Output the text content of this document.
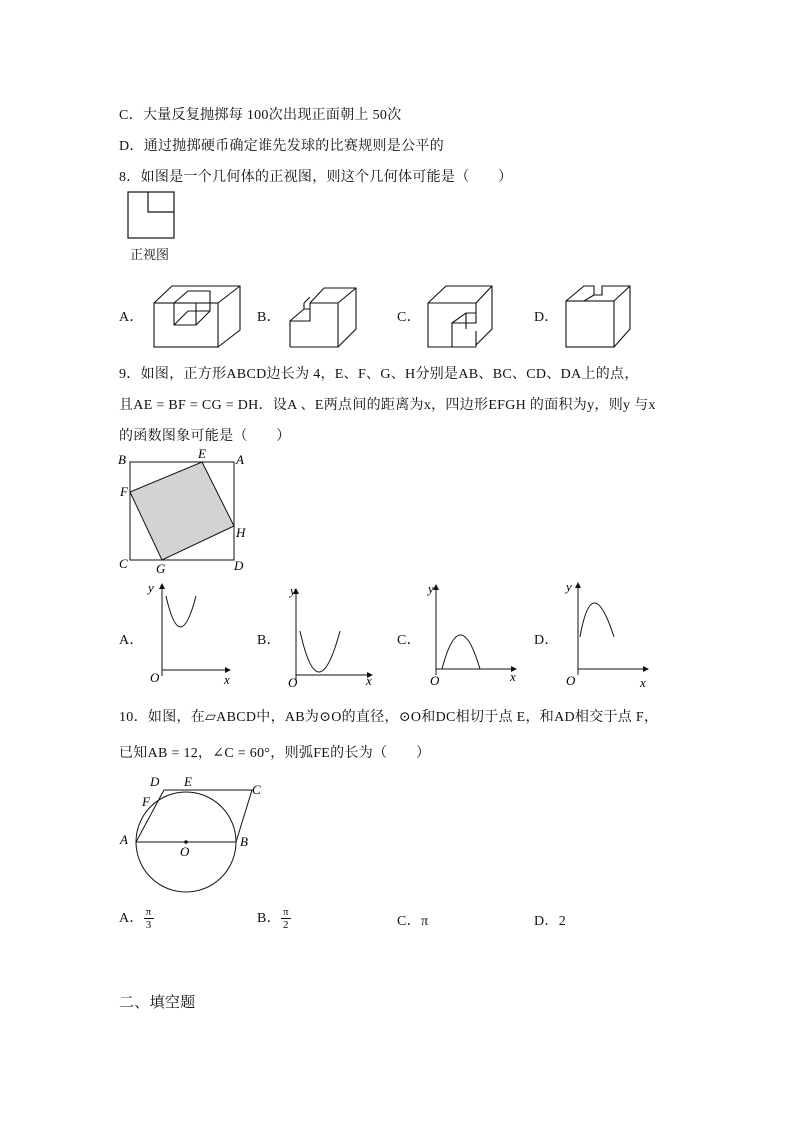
C．大量反复抛掷每 100次出现正面朝上 50次
D．通过抛掷硬币确定谁先发球的比赛规则是公平的
8．如图是一个几何体的正视图，则这个几何体可能是（　　）
正视图
A．	B．	C．	D．
9．如图，正方形ABCD边长为 4，E、F、G、H分别是AB、BC、CD、DA上的点，
且AE = BF = CG = DH．设A 、E两点间的距离为x，四边形EFGH 的面积为y，则y 与x
的函数图象可能是（　　）
B	E A
F
H
C G	D
A．
y
x
O
B．
y
x
O
C．
y
x
O
D．
y
x
O
10．如图，在▱ABCD中，AB为⊙O的直径，⊙O和DC相切于点 E，和AD相交于点 F，
已知AB = 12，∠C = 60°，则弧FE的长为（　　）
D E
C
F
A
O
B
A． $\frac{\pi}{3}$	B． $\frac{\pi}{2}$	C．π	D．2
二、填空题
